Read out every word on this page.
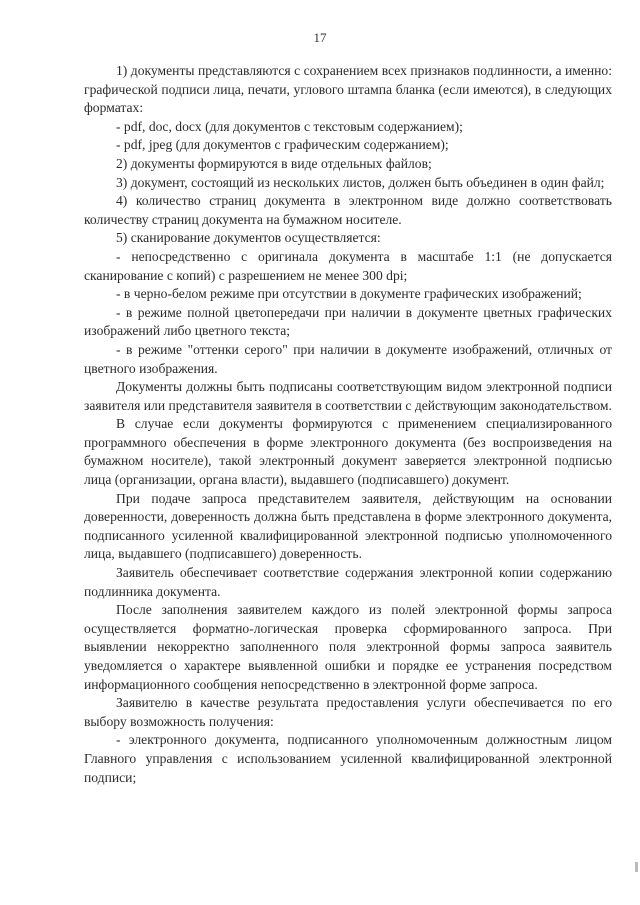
17

1) документы представляются с сохранением всех признаков подлинности, а именно: графической подписи лица, печати, углового штампа бланка (если имеются), в следующих форматах:

- pdf, doc, docx (для документов с текстовым содержанием);

- pdf, jpeg (для документов с графическим содержанием);

2) документы формируются в виде отдельных файлов;

3) документ, состоящий из нескольких листов, должен быть объединен в один файл;

4) количество страниц документа в электронном виде должно соответствовать количеству страниц документа на бумажном носителе.

5) сканирование документов осуществляется:

- непосредственно с оригинала документа в масштабе 1:1 (не допускается сканирование с копий) с разрешением не менее 300 dpi;

- в черно-белом режиме при отсутствии в документе графических изображений;

- в режиме полной цветопередачи при наличии в документе цветных графических изображений либо цветного текста;

- в режиме "оттенки серого" при наличии в документе изображений, отличных от цветного изображения.

Документы должны быть подписаны соответствующим видом электронной подписи заявителя или представителя заявителя в соответствии с действующим законодательством.

В случае если документы формируются с применением специализированного программного обеспечения в форме электронного документа (без воспроизведения на бумажном носителе), такой электронный документ заверяется электронной подписью лица (организации, органа власти), выдавшего (подписавшего) документ.

При подаче запроса представителем заявителя, действующим на основании доверенности, доверенность должна быть представлена в форме электронного документа, подписанного усиленной квалифицированной электронной подписью уполномоченного лица, выдавшего (подписавшего) доверенность.

Заявитель обеспечивает соответствие содержания электронной копии содержанию подлинника документа.

После заполнения заявителем каждого из полей электронной формы запроса осуществляется форматно-логическая проверка сформированного запроса. При выявлении некорректно заполненного поля электронной формы запроса заявитель уведомляется о характере выявленной ошибки и порядке ее устранения посредством информационного сообщения непосредственно в электронной форме запроса.

Заявителю в качестве результата предоставления услуги обеспечивается по его выбору возможность получения:

- электронного документа, подписанного уполномоченным должностным лицом Главного управления с использованием усиленной квалифицированной электронной подписи;
